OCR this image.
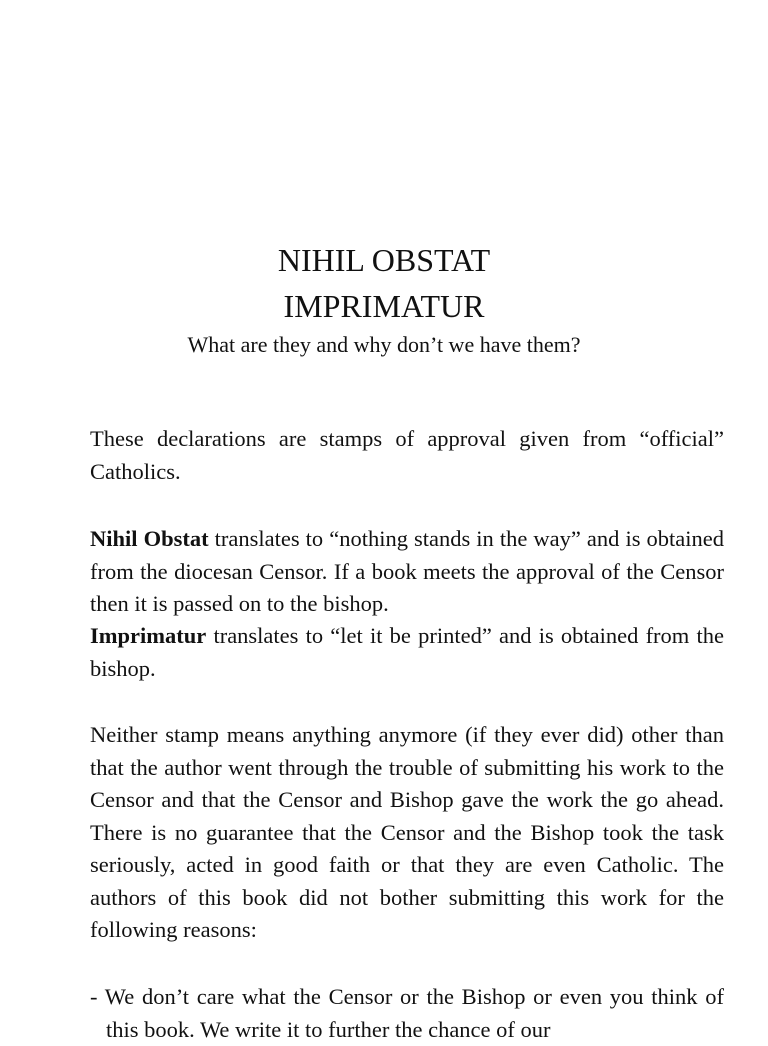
NIHIL OBSTAT
IMPRIMATUR
What are they and why don’t we have them?
These declarations are stamps of approval given from “official” Catholics.
Nihil Obstat translates to “nothing stands in the way” and is obtained from the diocesan Censor. If a book meets the approval of the Censor then it is passed on to the bishop.
Imprimatur translates to “let it be printed” and is obtained from the bishop.
Neither stamp means anything anymore (if they ever did) other than that the author went through the trouble of submitting his work to the Censor and that the Censor and Bishop gave the work the go ahead. There is no guarantee that the Censor and the Bishop took the task seriously, acted in good faith or that they are even Catholic. The authors of this book did not bother submitting this work for the following reasons:
- We don’t care what the Censor or the Bishop or even you think of this book. We write it to further the chance of our
